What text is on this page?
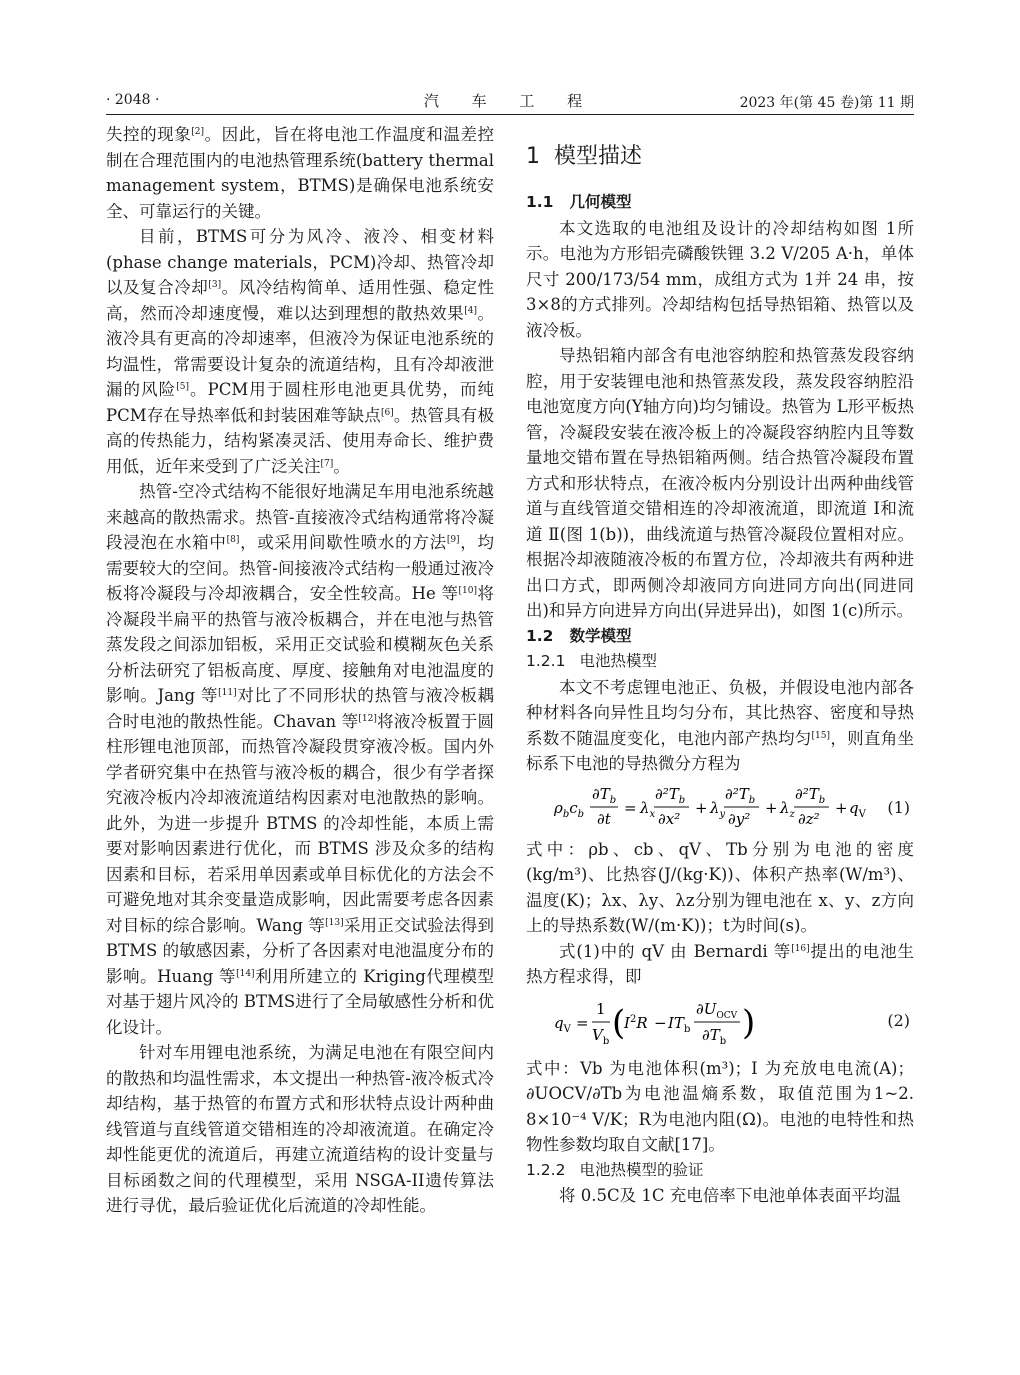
· 2048 ·	汽 车 工 程	2023 年(第 45 卷)第 11 期

失控的现象[2]。因此，旨在将电池工作温度和温差控制在合理范围内的电池热管理系统(battery thermal management system，BTMS)是确保电池系统安全、可靠运行的关键。

目前，BTMS可分为风冷、液冷、相变材料(phase change materials，PCM)冷却、热管冷却以及复合冷却[3]。风冷结构简单、适用性强、稳定性高，然而冷却速度慢，难以达到理想的散热效果[4]。液冷具有更高的冷却速率，但液冷为保证电池系统的均温性，常需要设计复杂的流道结构，且有冷却液泄漏的风险[5]。PCM用于圆柱形电池更具优势，而纯 PCM存在导热率低和封装困难等缺点[6]。热管具有极高的传热能力，结构紧凑灵活、使用寿命长、维护费用低，近年来受到了广泛关注[7]。

热管-空冷式结构不能很好地满足车用电池系统越来越高的散热需求。热管-直接液冷式结构通常将冷凝段浸泡在水箱中[8]，或采用间歇性喷水的方法[9]，均需要较大的空间。热管-间接液冷式结构一般通过液冷板将冷凝段与冷却液耦合，安全性较高。He 等[10]将冷凝段半扁平的热管与液冷板耦合，并在电池与热管蒸发段之间添加铝板，采用正交试验和模糊灰色关系分析法研究了铝板高度、厚度、接触角对电池温度的影响。Jang 等[11]对比了不同形状的热管与液冷板耦合时电池的散热性能。Chavan 等[12]将液冷板置于圆柱形锂电池顶部，而热管冷凝段贯穿液冷板。国内外学者研究集中在热管与液冷板的耦合，很少有学者探究液冷板内冷却液流道结构因素对电池散热的影响。此外，为进一步提升 BTMS 的冷却性能，本质上需要对影响因素进行优化，而 BTMS 涉及众多的结构因素和目标，若采用单因素或单目标优化的方法会不可避免地对其余变量造成影响，因此需要考虑各因素对目标的综合影响。Wang 等[13]采用正交试验法得到 BTMS 的敏感因素，分析了各因素对电池温度分布的影响。Huang 等[14]利用所建立的 Kriging代理模型对基于翅片风冷的 BTMS进行了全局敏感性分析和优化设计。

针对车用锂电池系统，为满足电池在有限空间内的散热和均温性需求，本文提出一种热管-液冷板式冷却结构，基于热管的布置方式和形状特点设计两种曲线管道与直线管道交错相连的冷却液流道。在确定冷却性能更优的流道后，再建立流道结构的设计变量与目标函数之间的代理模型，采用 NSGA-II遗传算法进行寻优，最后验证优化后流道的冷却性能。

1 模型描述
1.1 几何模型

本文选取的电池组及设计的冷却结构如图 1所示。电池为方形铝壳磷酸铁锂 3.2 V/205 A·h，单体尺寸 200/173/54 mm，成组方式为 1并 24 串，按 3×8的方式排列。冷却结构包括导热铝箱、热管以及液冷板。

导热铝箱内部含有电池容纳腔和热管蒸发段容纳腔，用于安装锂电池和热管蒸发段，蒸发段容纳腔沿电池宽度方向(Y轴方向)均匀铺设。热管为 L形平板热管，冷凝段安装在液冷板上的冷凝段容纳腔内且等数量地交错布置在导热铝箱两侧。结合热管冷凝段布置方式和形状特点，在液冷板内分别设计出两种曲线管道与直线管道交错相连的冷却液流道，即流道 I和流道 Ⅱ(图 1(b))，曲线流道与热管冷凝段位置相对应。根据冷却液随液冷板的布置方位，冷却液共有两种进出口方式，即两侧冷却液同方向进同方向出(同进同出)和异方向进异方向出(异进异出)，如图 1(c)所示。

1.2 数学模型
1.2.1 电池热模型

本文不考虑锂电池正、负极，并假设电池内部各种材料各向异性且均匀分布，其比热容、密度和导热系数不随温度变化，电池内部产热均匀[15]，则直角坐标系下电池的导热微分方程为

$\rho_bc_b$
$\partial T_b$
∂t
= $\lambda_x$
$\partial^2T_b$
∂x²
+ $\lambda_y$
$\partial^2T_b$
∂y²
+ $\lambda_z$
$\partial^2T_b$
∂z²
+ $q_V$ (1)

式中：ρb、cb、qV、Tb分别为电池的密度(kg/m³)、比热容(J/(kg·K))、体积产热率(W/m³)、温度(K)；λx、λy、λz分别为锂电池在 x、y、z方向上的导热系数(W/(m·K))；t为时间(s)。

式(1)中的 qV 由 Bernardi 等[16]提出的电池生热方程求得，即

$q_V$ =
1
$V_b$ (
$I^2R - IT_b$
$\partial U_{OCV}$
$\partial T_b$ )	(2)

式中：Vb 为电池体积(m³)；I 为充放电电流(A)；∂UOCV/∂Tb为电池温熵系数，取值范围为1~2. 8×10⁻⁴ V/K；R为电池内阻(Ω)。电池的电特性和热物性参数均取自文献[17]。

1.2.2 电池热模型的验证

将 0.5C及 1C 充电倍率下电池单体表面平均温
